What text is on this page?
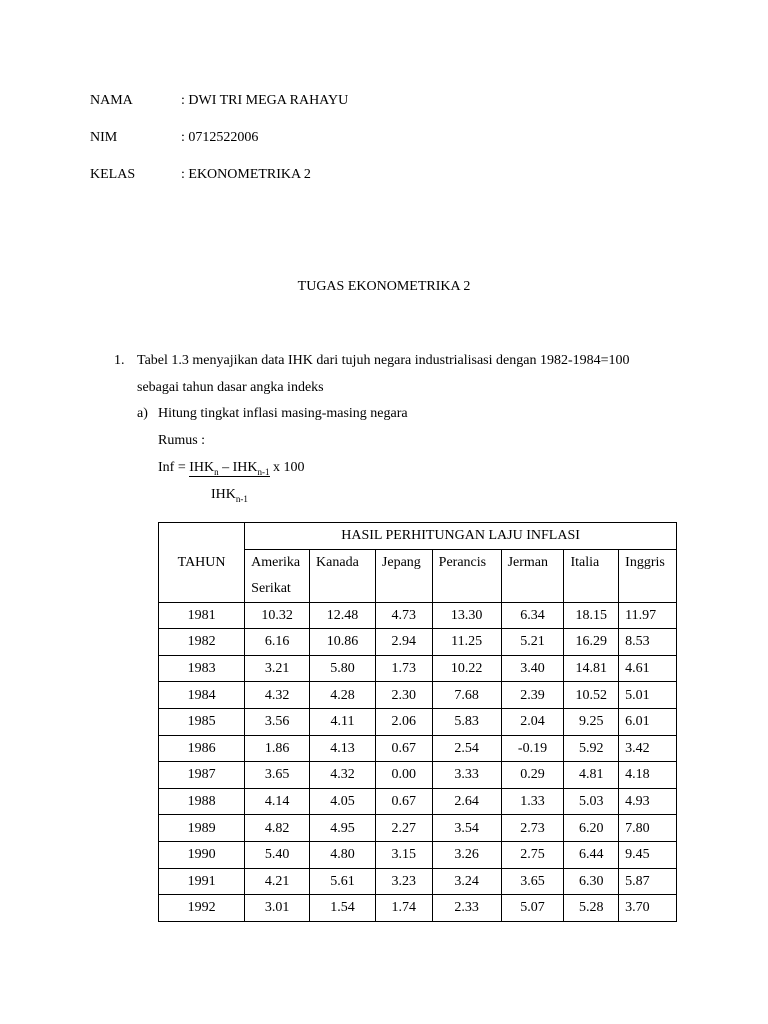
NAMA	: DWI TRI MEGA RAHAYU
NIM	: 0712522006
KELAS	: EKONOMETRIKA 2
TUGAS EKONOMETRIKA 2
1. Tabel 1.3 menyajikan data IHK dari tujuh negara industrialisasi dengan 1982-1984=100
sebagai tahun dasar angka indeks
a) Hitung tingkat inflasi masing-masing negara
Rumus :
Inf = $IHK_n - IHK_{n-1}$ x 100
$IHK_{n-1}$
TAHUN	HASIL PERHITUNGAN LAJU INFLASI						
	Amerika
Serikat	Kanada	Jepang	Perancis	Jerman	Italia	Inggris
1981	10.32	12.48	4.73	13.30	6.34	18.15	11.97
1982	6.16	10.86	2.94	11.25	5.21	16.29	8.53
1983	3.21	5.80	1.73	10.22	3.40	14.81	4.61
1984	4.32	4.28	2.30	7.68	2.39	10.52	5.01
1985	3.56	4.11	2.06	5.83	2.04	9.25	6.01
1986	1.86	4.13	0.67	2.54	-0.19	5.92	3.42
1987	3.65	4.32	0.00	3.33	0.29	4.81	4.18
1988	4.14	4.05	0.67	2.64	1.33	5.03	4.93
1989	4.82	4.95	2.27	3.54	2.73	6.20	7.80
1990	5.40	4.80	3.15	3.26	2.75	6.44	9.45
1991	4.21	5.61	3.23	3.24	3.65	6.30	5.87
1992	3.01	1.54	1.74	2.33	5.07	5.28	3.70
